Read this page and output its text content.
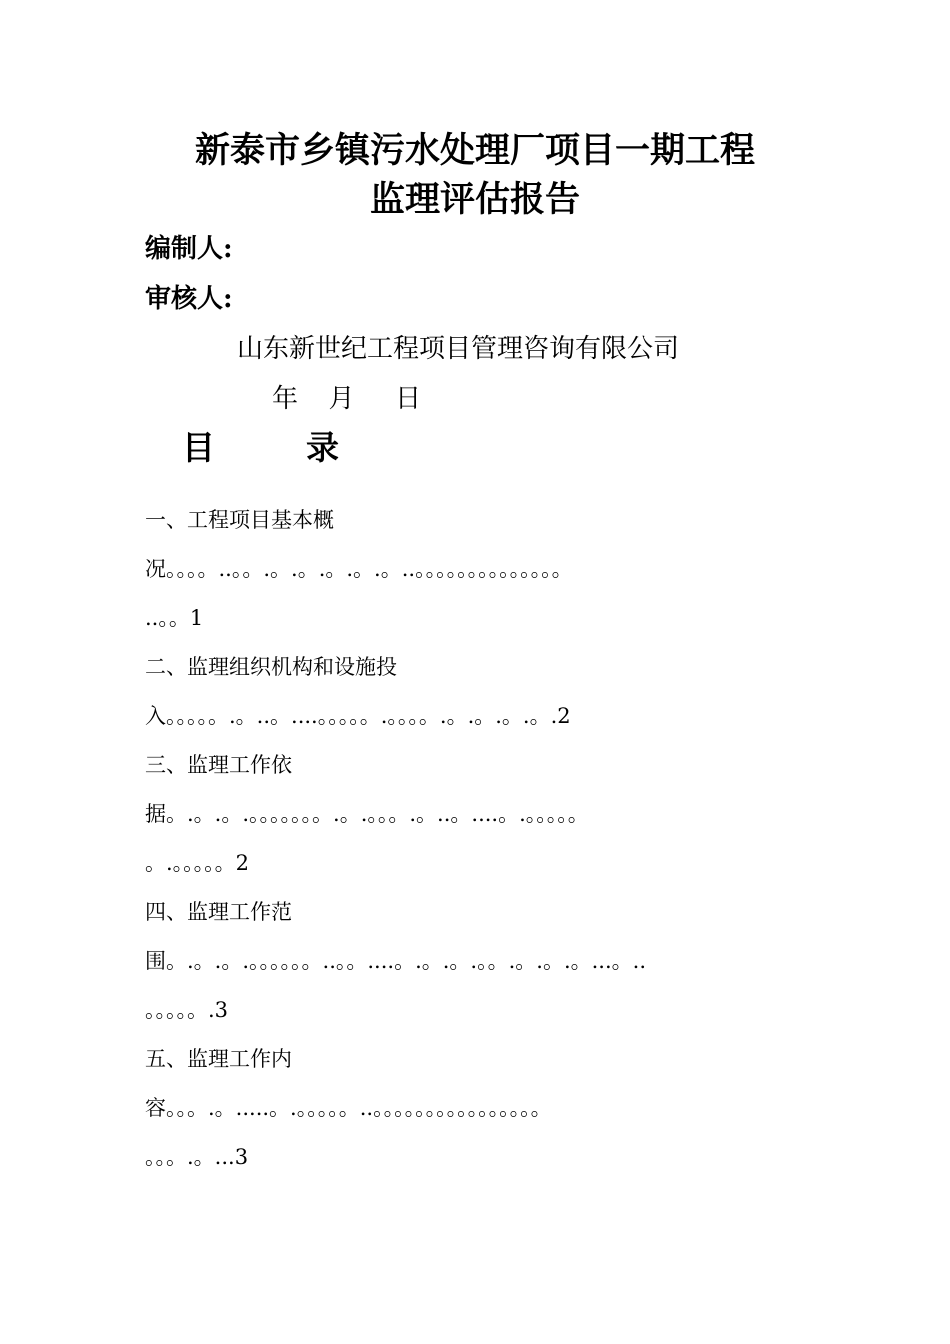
新泰市乡镇污水处理厂项目一期工程
监理评估报告
编制人:
审核人:
山东新世纪工程项目管理咨询有限公司
年 月 日
目	录
一、工程项目基本概
况。。。。..。。.。.。.。.。.。..。。。。。。。。。。。。。。
..。。1
二、监理组织机构和设施投
入。。。。。.。..。....。。。。。.。。。。.。.。.。.。.2
三、监理工作依
据。.。.。.。。。。。。。.。.。。。.。..。....。.。。。。。
。.。。。。。2
四、监理工作范
围。.。.。.。。。。。。..。。....。.。.。.。。.。.。.。...。..
。。。。。.3
五、监理工作内
容。。。.。.....。.。。。。。..。。。。。。。。。。。。。。。。
。。。.。...3
